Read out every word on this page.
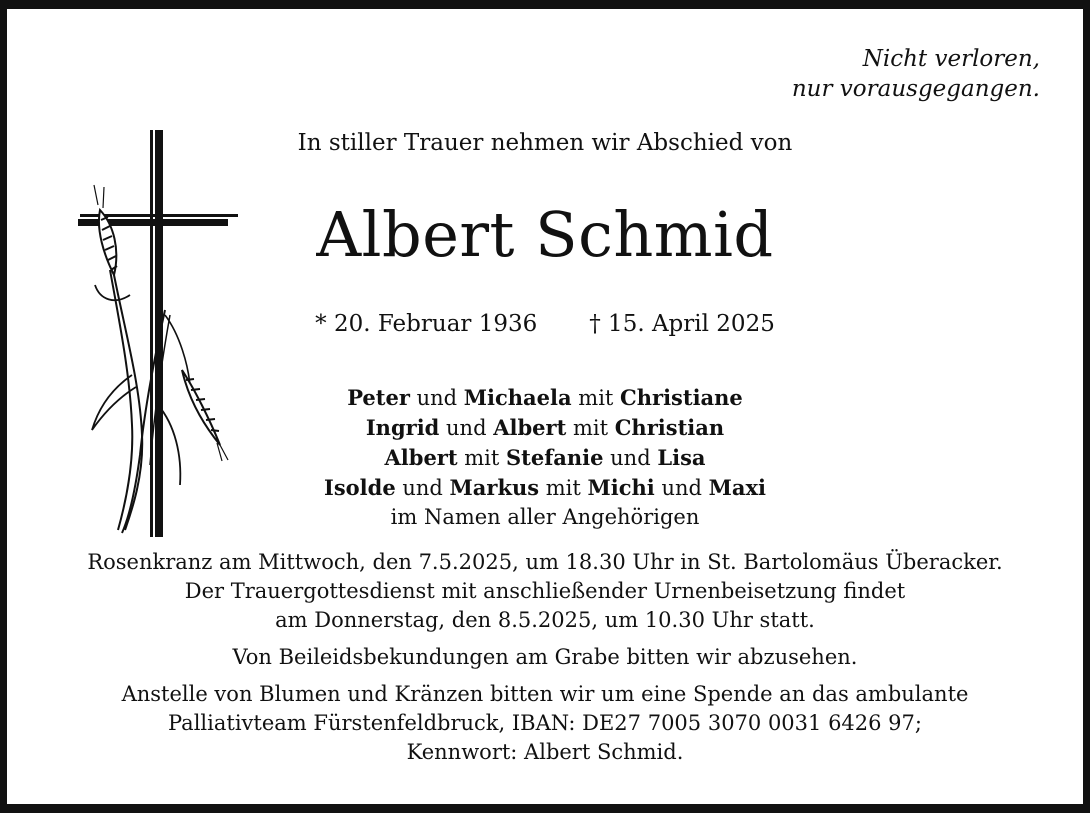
Nicht verloren,
nur vorausgegangen.
In stiller Trauer nehmen wir Abschied von
Albert Schmid
* 20. Februar 1936 † 15. April 2025
Peter und Michaela mit Christiane
Ingrid und Albert mit Christian
Albert mit Stefanie und Lisa
Isolde und Markus mit Michi und Maxi
im Namen aller Angehörigen
Rosenkranz am Mittwoch, den 7.5.2025, um 18.30 Uhr in St. Bartolomäus Überacker.
Der Trauergottesdienst mit anschließender Urnenbeisetzung findet
am Donnerstag, den 8.5.2025, um 10.30 Uhr statt.
Von Beileidsbekundungen am Grabe bitten wir abzusehen.
Anstelle von Blumen und Kränzen bitten wir um eine Spende an das ambulante
Palliativteam Fürstenfeldbruck, IBAN: DE27 7005 3070 0031 6426 97;
Kennwort: Albert Schmid.
